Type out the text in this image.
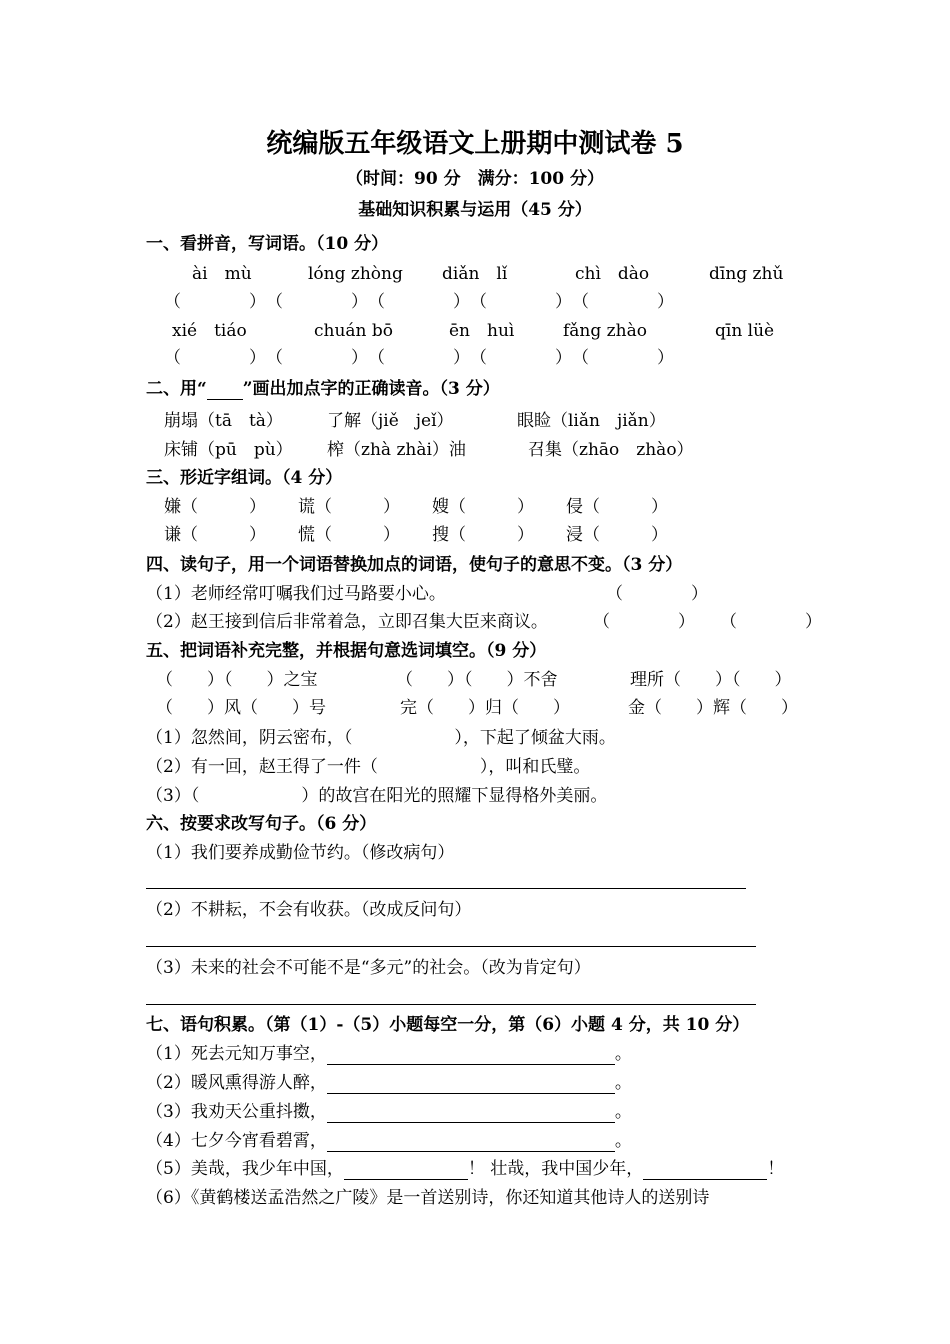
统编版五年级语文上册期中测试卷 5
（时间：90 分　满分：100 分）
基础知识积累与运用（45 分）
一、看拼音，写词语。（10 分）
ài　mù	lóng zhòng diǎn　lǐ	chì　dào	dīng zhǔ
（　　　　）　（　　　　）　（　　　　）　（　　　　）　（　　　　）
xié　tiáo	chuán bō	ēn　huì	fǎng zhào	qīn lüè
（　　　　）　（　　　　）　（　　　　）　（　　　　）　（　　　　）
二、用“ ”画出加点字的正确读音。（3 分）
崩塌（tā　tà）	了解（jiě　jeǐ）	眼睑（liǎn　jiǎn）
床铺（pū　pù） 榨（zhà zhài）油	召集（zhāo　zhào）
三、形近字组词。（4 分）
嫌（　　　） 谎（　　　） 嫂（　　　） 侵（　　　）
谦（　　　） 慌（　　　） 搜（　　　） 浸（　　　）
四、读句子，用一个词语替换加点的词语，使句子的意思不变。（3 分）
（1）老师经常叮嘱我们过马路要小心。	（　　　　）
（2）赵王接到信后非常着急，立即召集大臣来商议。	（　　　　） （　　　　）
五、把词语补充完整，并根据句意选词填空。（9 分）
（　　）（　　）之宝	（　　）（　　）不舍	理所（　　）（　　）
（　　）风（　　）号	完（　　）归（　　）	金（　　）辉（　　）
（1）忽然间，阴云密布，（　　　　　　），下起了倾盆大雨。
（2）有一回，赵王得了一件（　　　　　　），叫和氏璧。
（3）（　　　　　　）的故宫在阳光的照耀下显得格外美丽。
六、按要求改写句子。（6 分）
（1）我们要养成勤俭节约。（修改病句）
（2）不耕耘，不会有收获。（改成反问句）
（3）未来的社会不可能不是“多元”的社会。（改为肯定句）
七、语句积累。（第（1）-（5）小题每空一分，第（6）小题 4 分，共 10 分）
（1）死去元知万事空，	。
（2）暖风熏得游人醉，	。
（3）我劝天公重抖擞，	。
（4）七夕今宵看碧霄，	。
（5）美哉，我少年中国，	！ 壮哉，我中国少年，	！
（6）《黄鹤楼送孟浩然之广陵》是一首送别诗，你还知道其他诗人的送别诗
